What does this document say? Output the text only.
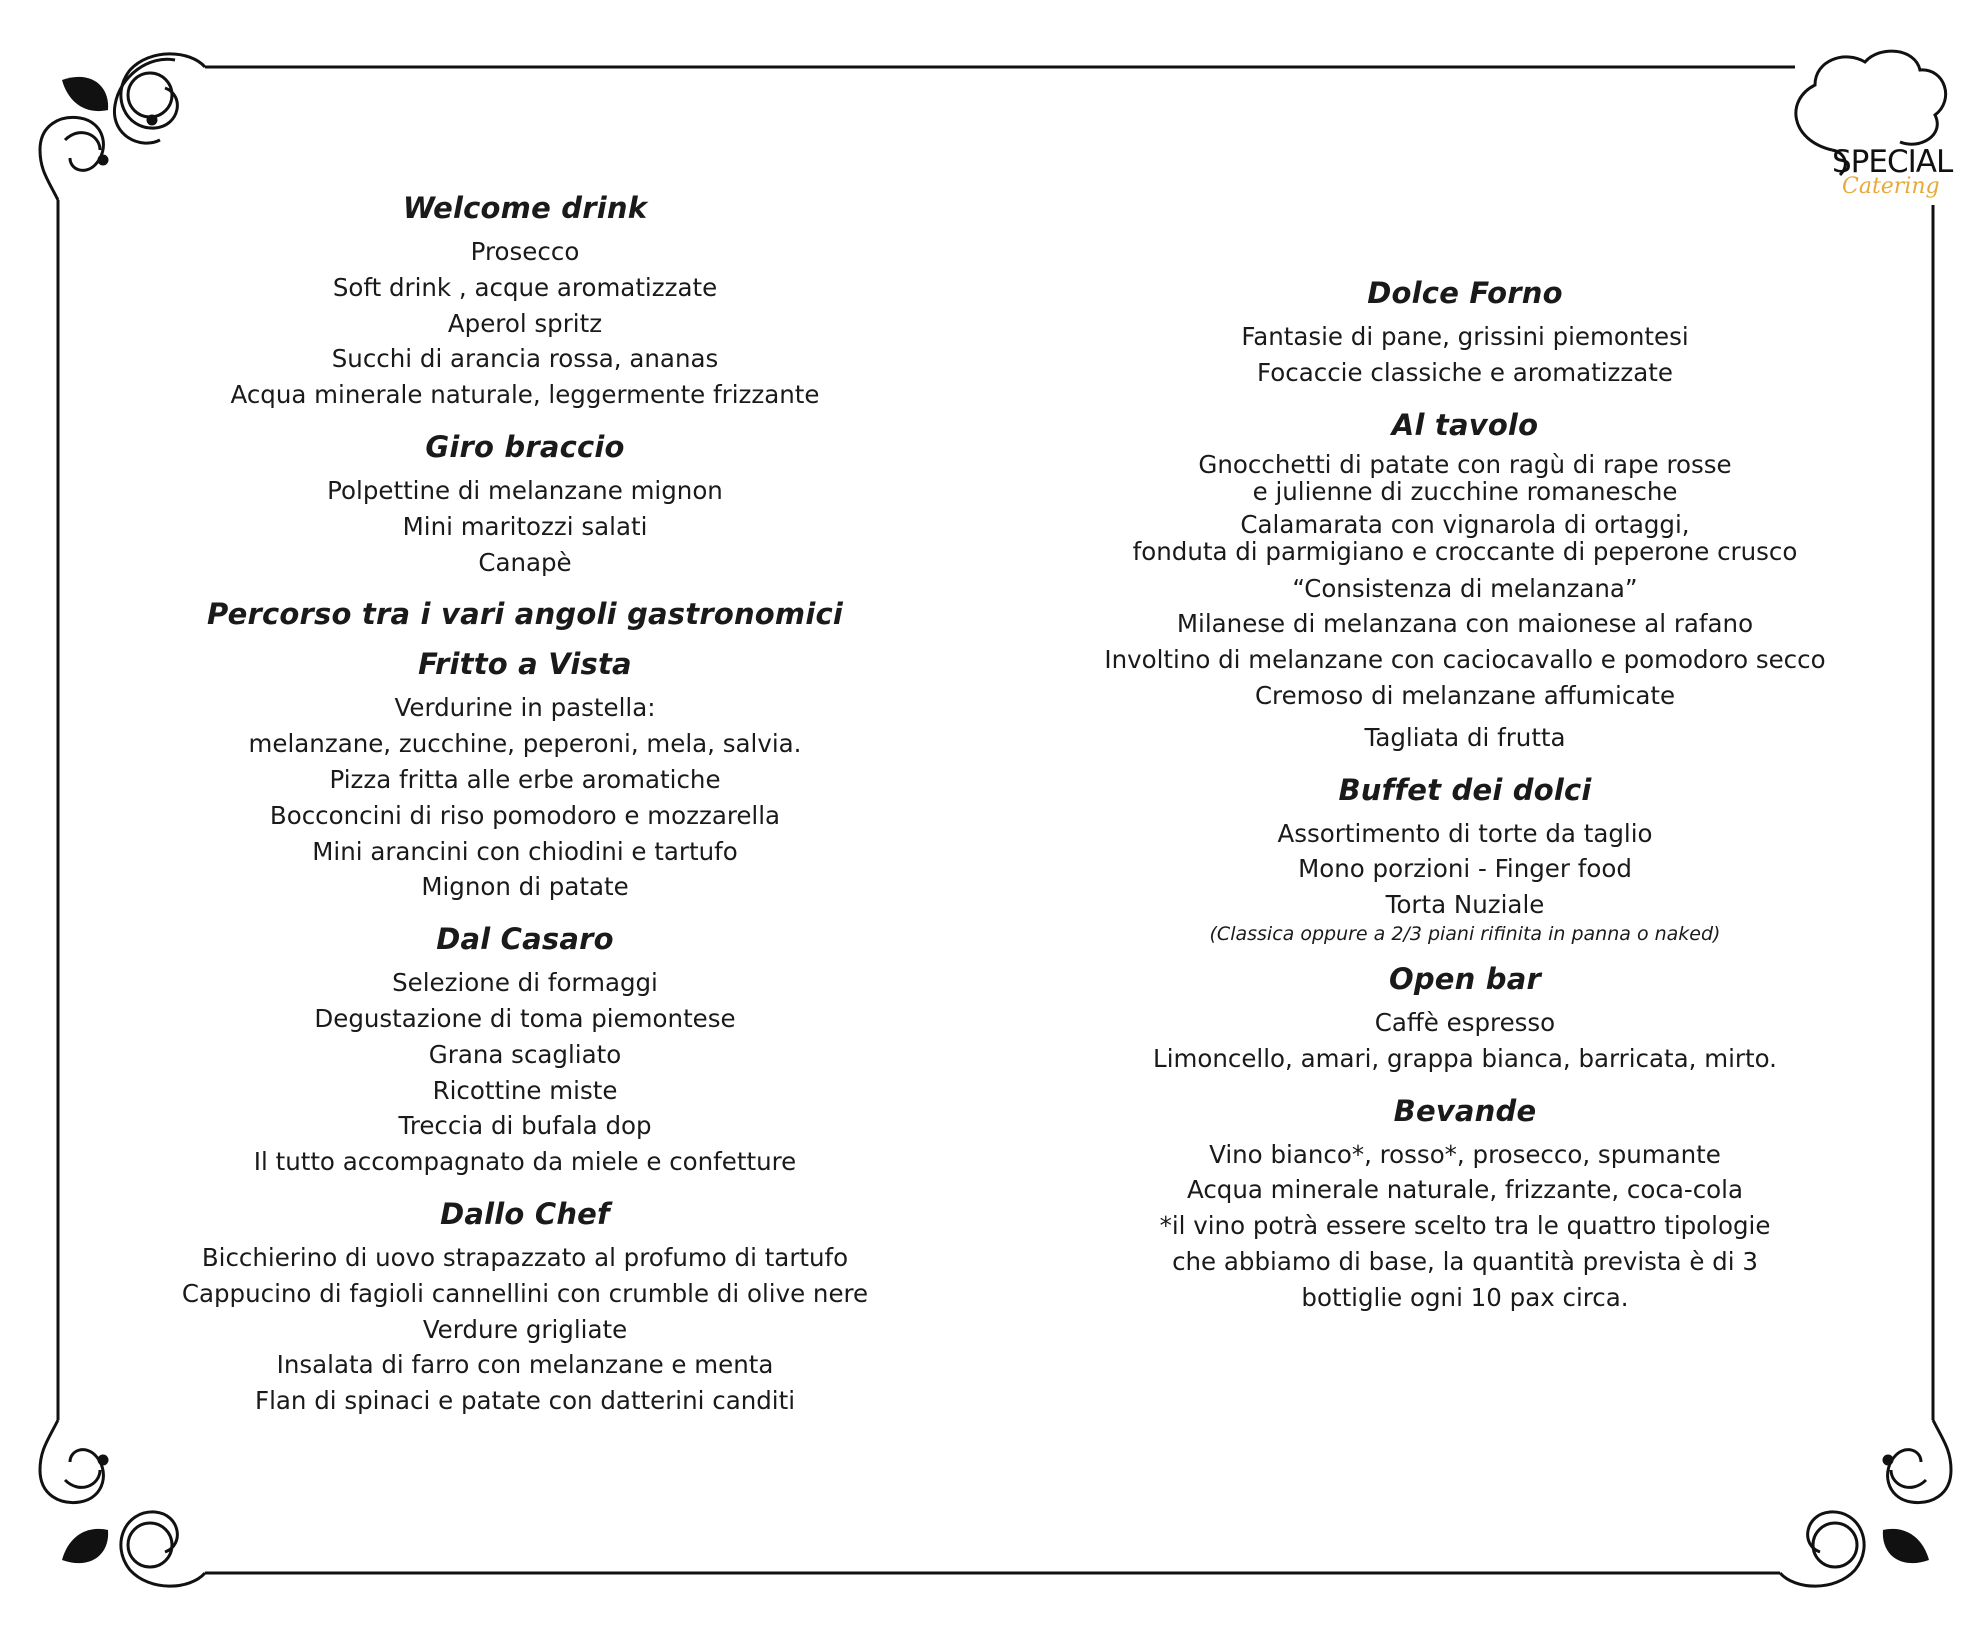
SPECIAL
Catering
Welcome drink
Prosecco
Soft drink , acque aromatizzate
Aperol spritz
Succhi di arancia rossa, ananas
Acqua minerale naturale, leggermente frizzante
Giro braccio
Polpettine di melanzane mignon
Mini maritozzi salati
Canapè
Percorso tra i vari angoli gastronomici
Fritto a Vista
Verdurine in pastella:
melanzane, zucchine, peperoni, mela, salvia.
Pizza fritta alle erbe aromatiche
Bocconcini di riso pomodoro e mozzarella
Mini arancini con chiodini e tartufo
Mignon di patate
Dal Casaro
Selezione di formaggi
Degustazione di toma piemontese
Grana scagliato
Ricottine miste
Treccia di bufala dop
Il tutto accompagnato da miele e confetture
Dallo Chef
Bicchierino di uovo strapazzato al profumo di tartufo
Cappucino di fagioli cannellini con crumble di olive nere
Verdure grigliate
Insalata di farro con melanzane e menta
Flan di spinaci e patate con datterini canditi
Dolce Forno
Fantasie di pane, grissini piemontesi
Focaccie classiche e aromatizzate
Al tavolo
Gnocchetti di patate con ragù di rape rosse
e julienne di zucchine romanesche
Calamarata con vignarola di ortaggi,
fonduta di parmigiano e croccante di peperone crusco
“Consistenza di melanzana”
Milanese di melanzana con maionese al rafano
Involtino di melanzane con caciocavallo e pomodoro secco
Cremoso di melanzane affumicate
Tagliata di frutta
Buffet dei dolci
Assortimento di torte da taglio
Mono porzioni - Finger food
Torta Nuziale
(Classica oppure a 2/3 piani rifinita in panna o naked)
Open bar
Caffè espresso
Limoncello, amari, grappa bianca, barricata, mirto.
Bevande
Vino bianco*, rosso*, prosecco, spumante
Acqua minerale naturale, frizzante, coca-cola
*il vino potrà essere scelto tra le quattro tipologie
che abbiamo di base, la quantità prevista è di 3
bottiglie ogni 10 pax circa.
